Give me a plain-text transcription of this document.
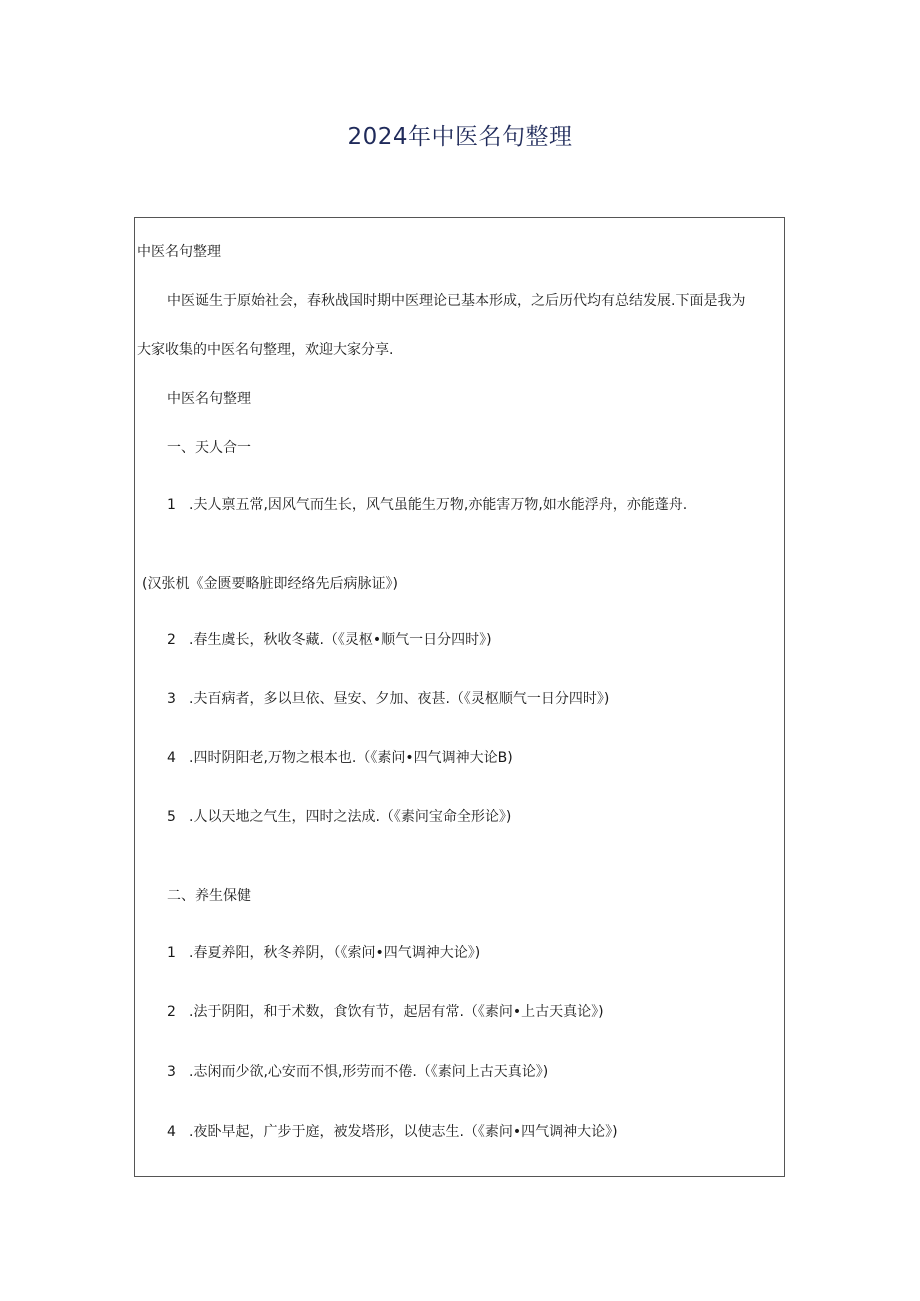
2024年中医名句整理
中医名句整理
中医诞生于原始社会，春秋战国时期中医理论已基本形成，之后历代均有总结发展.下面是我为
大家收集的中医名句整理，欢迎大家分享.
中医名句整理
一、天人合一
1 .夫人禀五常,因风气而生长，风气虽能生万物,亦能害万物,如水能浮舟，亦能蓬舟.
(汉张机《金匮要略脏即经络先后病脉证》)
2 .春生虞长，秋收冬藏.（《灵枢•顺气一日分四时》)
3 .夫百病者，多以旦依、昼安、夕加、夜甚.（《灵枢顺气一日分四时》)
4 .四时阴阳老,万物之根本也.（《素问•四气调神大论B)
5 .人以天地之气生，四时之法成.（《素问宝命全形论》)
二、养生保健
1 .春夏养阳，秋冬养阴，（《索问•四气调神大论》)
2 .法于阴阳，和于术数，食饮有节，起居有常.（《素问•上古天真论》)
3 .志闲而少欲,心安而不惧,形劳而不倦.（《素问上古天真论》)
4 .夜卧早起，广步于庭，被发塔形，以使志生.（《素问•四气调神大论》)
